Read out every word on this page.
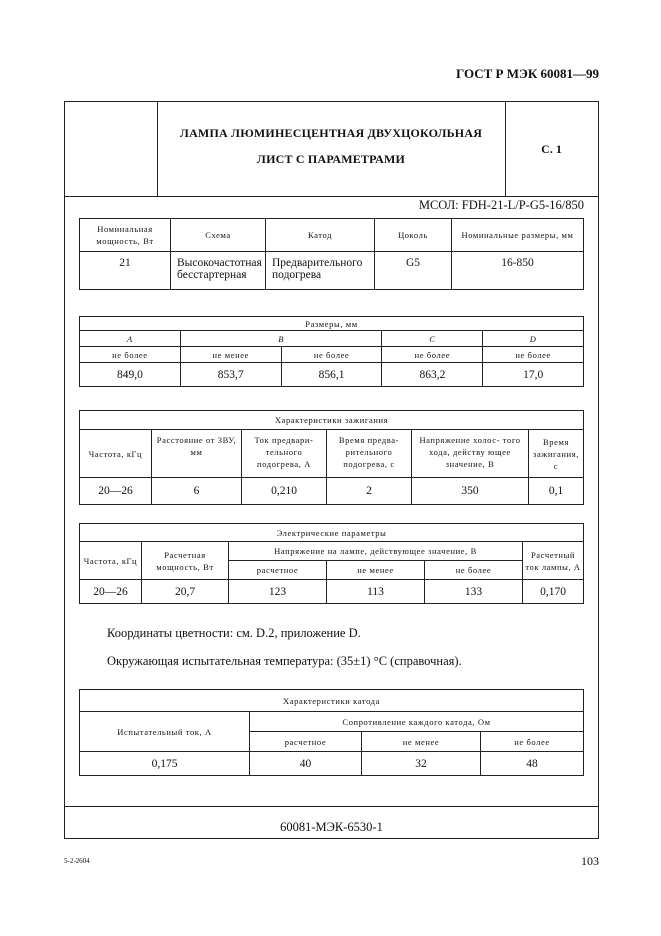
ГОСТ Р МЭК 60081—99
ЛАМПА ЛЮМИНЕСЦЕНТНАЯ ДВУХЦОКОЛЬНАЯ
ЛИСТ С ПАРАМЕТРАМИ
С. 1
МСОЛ: FDH-21-L/P-G5-16/850
Номинальная мощность, Вт	Схема	Катод	Цоколь	Номинальные размеры, мм
21	Высокочастотная бесстартерная	Предварительного подогрева	G5	16-850
Размеры, мм				
A	B		C	D
не более	не менее	не более	не более	не более
849,0	853,7	856,1	863,2	17,0
Характеристики зажигания					
Частота, кГц	Расстояние от ЗВУ, мм	Ток предвари- тельного подогрева, А	Время предва- рительного подогрева, с	Напряжение холос- того хода, действу ющее значение, В	Время зажигания, с
20—26	6	0,210	2	350	0,1
Электрические параметры					
Частота, кГц	Расчетная мощность, Вт	Напряжение на лампе, действующее значение, В			Расчетный ток лампы, А
		расчетное	не менее	не более	
20—26	20,7	123	113	133	0,170
Координаты цветности: см. D.2, приложение D.
Окружающая испытательная температура: (35±1) °С (справочная).
Характеристики катода			
Испытательный ток, А	Сопротивление каждого катода, Ом		
	расчетное	не менее	не более
0,175	40	32	48
60081-МЭК-6530-1
5-2-2604	103
